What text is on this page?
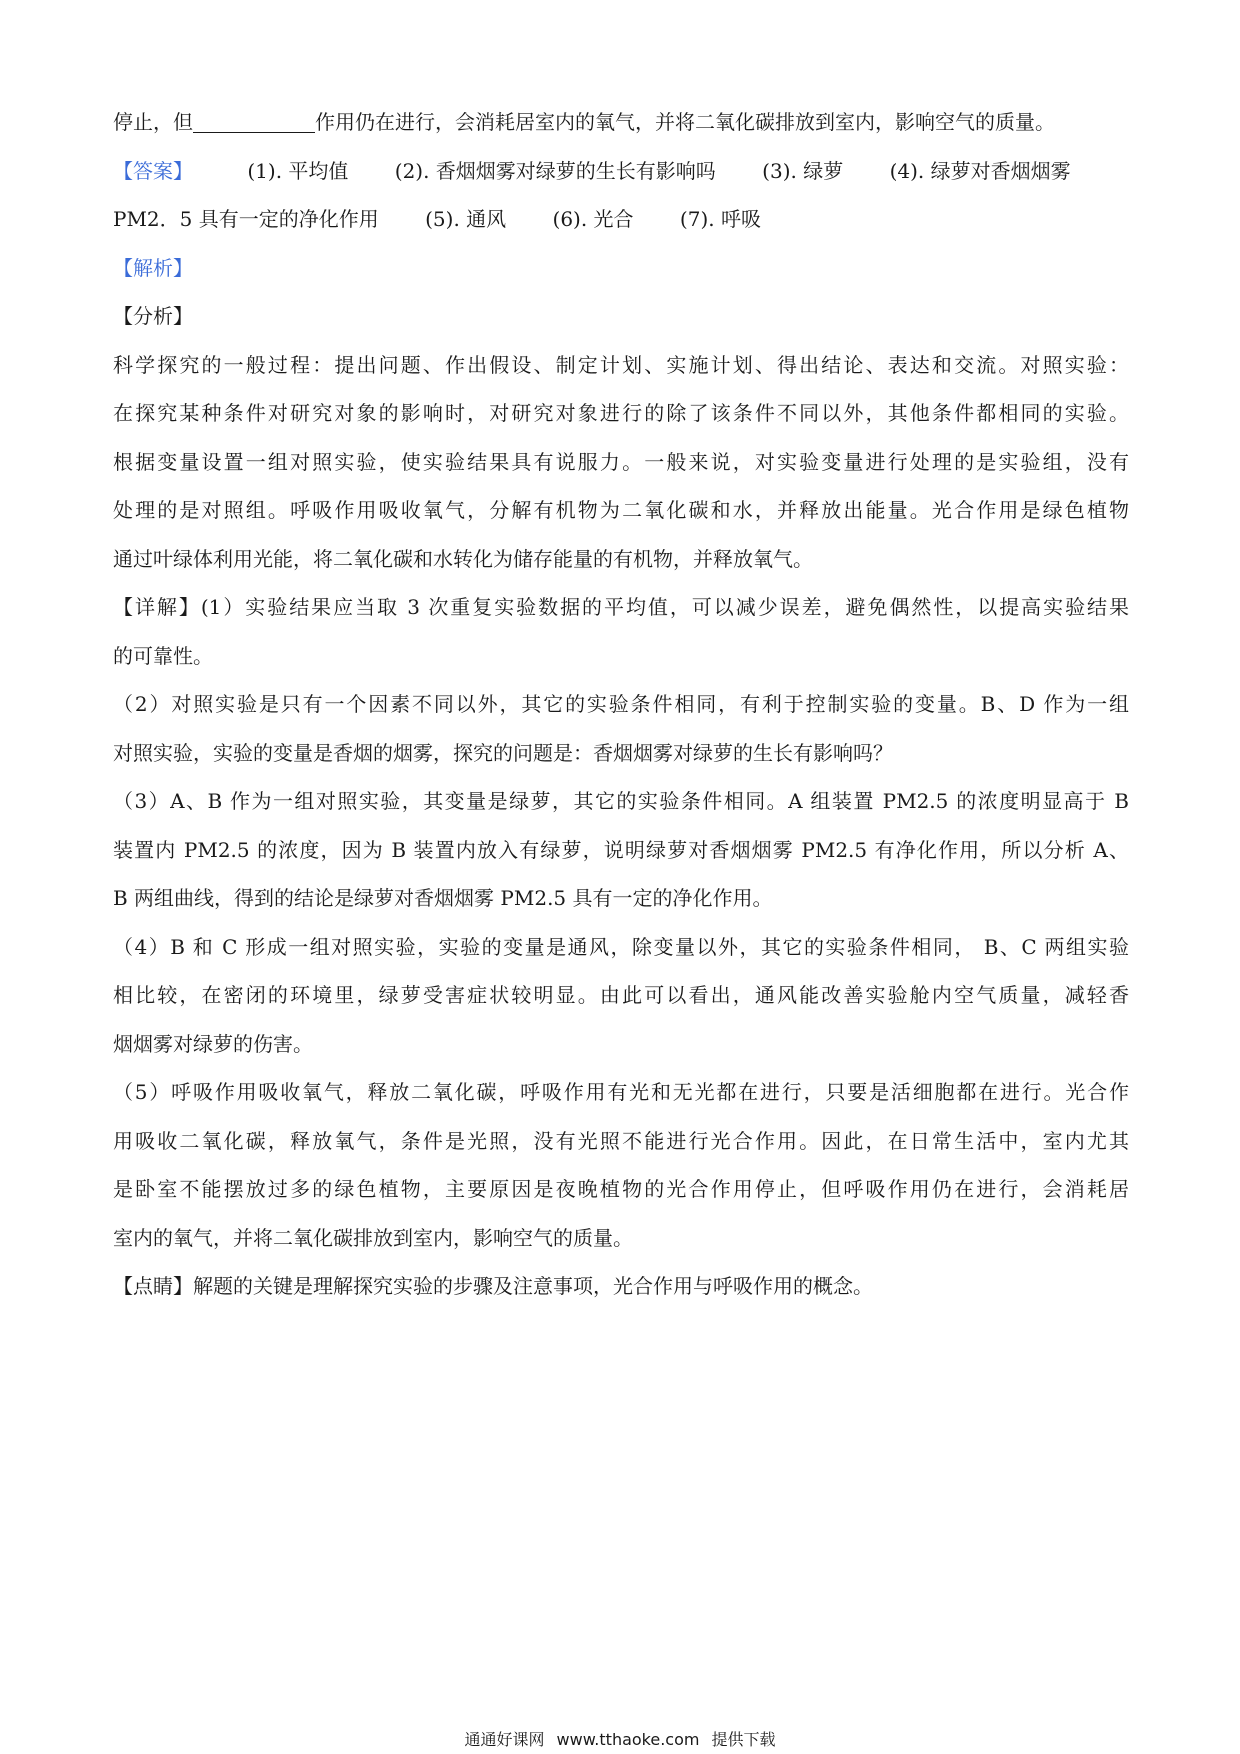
停止，但	作用仍在进行，会消耗居室内的氧气，并将二氧化碳排放到室内，影响空气的质量。
【答案】	(1). 平均值 (2). 香烟烟雾对绿萝的生长有影响吗 (3). 绿萝 (4). 绿萝对香烟烟雾
PM2．5 具有一定的净化作用 (5). 通风 (6). 光合 (7). 呼吸
【解析】
【分析】
科学探究的一般过程：提出问题、作出假设、制定计划、实施计划、得出结论、表达和交流。对照实验：
在探究某种条件对研究对象的影响时，对研究对象进行的除了该条件不同以外，其他条件都相同的实验。
根据变量设置一组对照实验，使实验结果具有说服力。一般来说，对实验变量进行处理的是实验组，没有
处理的是对照组。呼吸作用吸收氧气，分解有机物为二氧化碳和水，并释放出能量。光合作用是绿色植物
通过叶绿体利用光能，将二氧化碳和水转化为储存能量的有机物，并释放氧气。
【详解】(1）实验结果应当取 3 次重复实验数据的平均值，可以减少误差，避免偶然性，以提高实验结果
的可靠性。
（2）对照实验是只有一个因素不同以外，其它的实验条件相同，有利于控制实验的变量。B、D 作为一组
对照实验，实验的变量是香烟的烟雾，探究的问题是：香烟烟雾对绿萝的生长有影响吗？
（3）A、B 作为一组对照实验，其变量是绿萝，其它的实验条件相同。A 组装置 PM2.5 的浓度明显高于 B
装置内 PM2.5 的浓度，因为 B 装置内放入有绿萝，说明绿萝对香烟烟雾 PM2.5 有净化作用，所以分析 A、
B 两组曲线，得到的结论是绿萝对香烟烟雾 PM2.5 具有一定的净化作用。
（4）B 和 C 形成一组对照实验，实验的变量是通风，除变量以外，其它的实验条件相同， B、C 两组实验
相比较，在密闭的环境里，绿萝受害症状较明显。由此可以看出，通风能改善实验舱内空气质量，减轻香
烟烟雾对绿萝的伤害。
（5）呼吸作用吸收氧气，释放二氧化碳，呼吸作用有光和无光都在进行，只要是活细胞都在进行。光合作
用吸收二氧化碳，释放氧气，条件是光照，没有光照不能进行光合作用。因此，在日常生活中，室内尤其
是卧室不能摆放过多的绿色植物，主要原因是夜晚植物的光合作用停止，但呼吸作用仍在进行，会消耗居
室内的氧气，并将二氧化碳排放到室内，影响空气的质量。
【点睛】解题的关键是理解探究实验的步骤及注意事项，光合作用与呼吸作用的概念。
通通好课网 www.tthaoke.com 提供下载
